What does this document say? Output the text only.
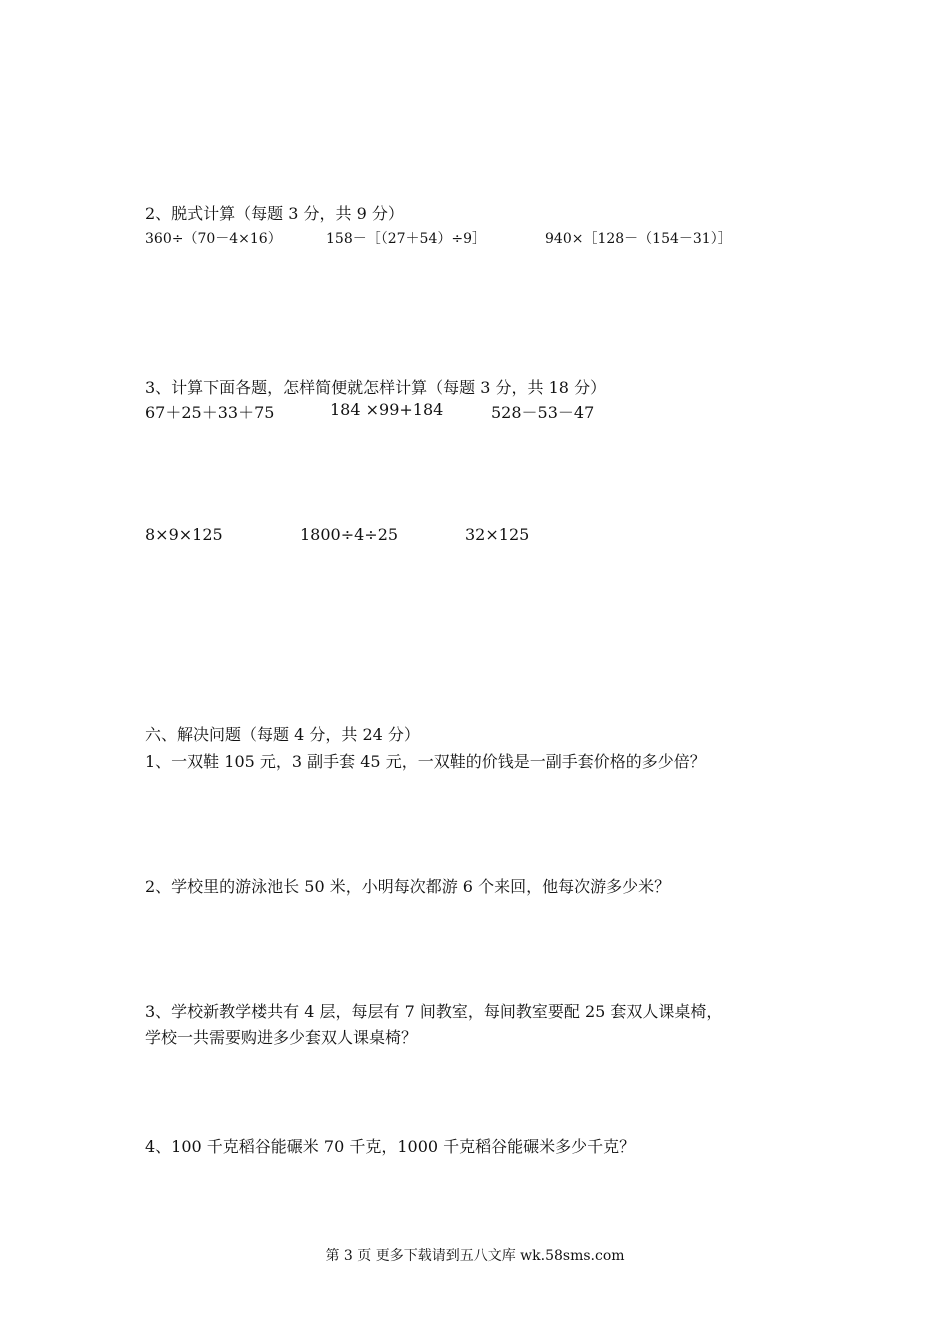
2、脱式计算（每题 3 分，共 9 分）
360÷（70－4×16）	158－［（27＋54）÷9］	940×［128－（154－31）］
3、计算下面各题，怎样简便就怎样计算（每题 3 分，共 18 分）
67＋25＋33＋75	184 ×99+184	528－53－47
8×9×125	1800÷4÷25	32×125
六、解决问题（每题 4 分，共 24 分）
1、一双鞋 105 元，3 副手套 45 元，一双鞋的价钱是一副手套价格的多少倍？
2、学校里的游泳池长 50 米，小明每次都游 6 个来回，他每次游多少米？
3、学校新教学楼共有 4 层，每层有 7 间教室，每间教室要配 25 套双人课桌椅，
学校一共需要购进多少套双人课桌椅？
4、100 千克稻谷能碾米 70 千克，1000 千克稻谷能碾米多少千克？
第 3 页 更多下载请到五八文库 wk.58sms.com
